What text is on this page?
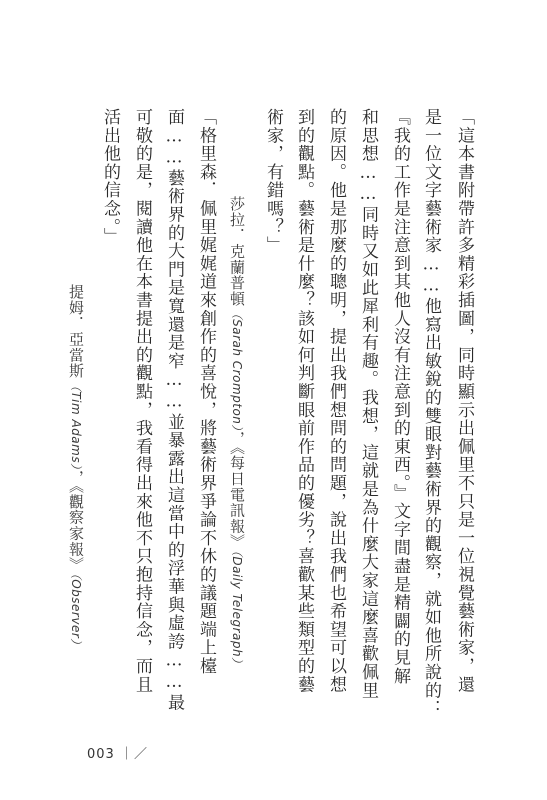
「這本書附帶許多精彩插圖，同時顯示出佩里不只是一位視覺藝術家，還
是一位文字藝術家……他寫出敏銳的雙眼對藝術界的觀察，就如他所說的：
『我的工作是注意到其他人沒有注意到的東西。』文字間盡是精闢的見解
和思想……同時又如此犀利有趣。我想，這就是為什麼大家這麼喜歡佩里
的原因。他是那麼的聰明，提出我們想問的問題，說出我們也希望可以想
到的觀點。藝術是什麼？該如何判斷眼前作品的優劣？喜歡某些類型的藝
術家，有錯嗎？」
莎拉．克蘭普頓（Sarah Crompton），《每日電訊報》（Daily Telegraph）
「格里森．佩里娓娓道來創作的喜悅，將藝術界爭論不休的議題端上檯
面……藝術界的大門是寬還是窄……並暴露出這當中的浮華與虛誇……最
可敬的是，閱讀他在本書提出的觀點，我看得出來他不只抱持信念，而且
活出他的信念。」
提姆．亞當斯（Tim Adams），《觀察家報》（Observer）
003 ｜／
